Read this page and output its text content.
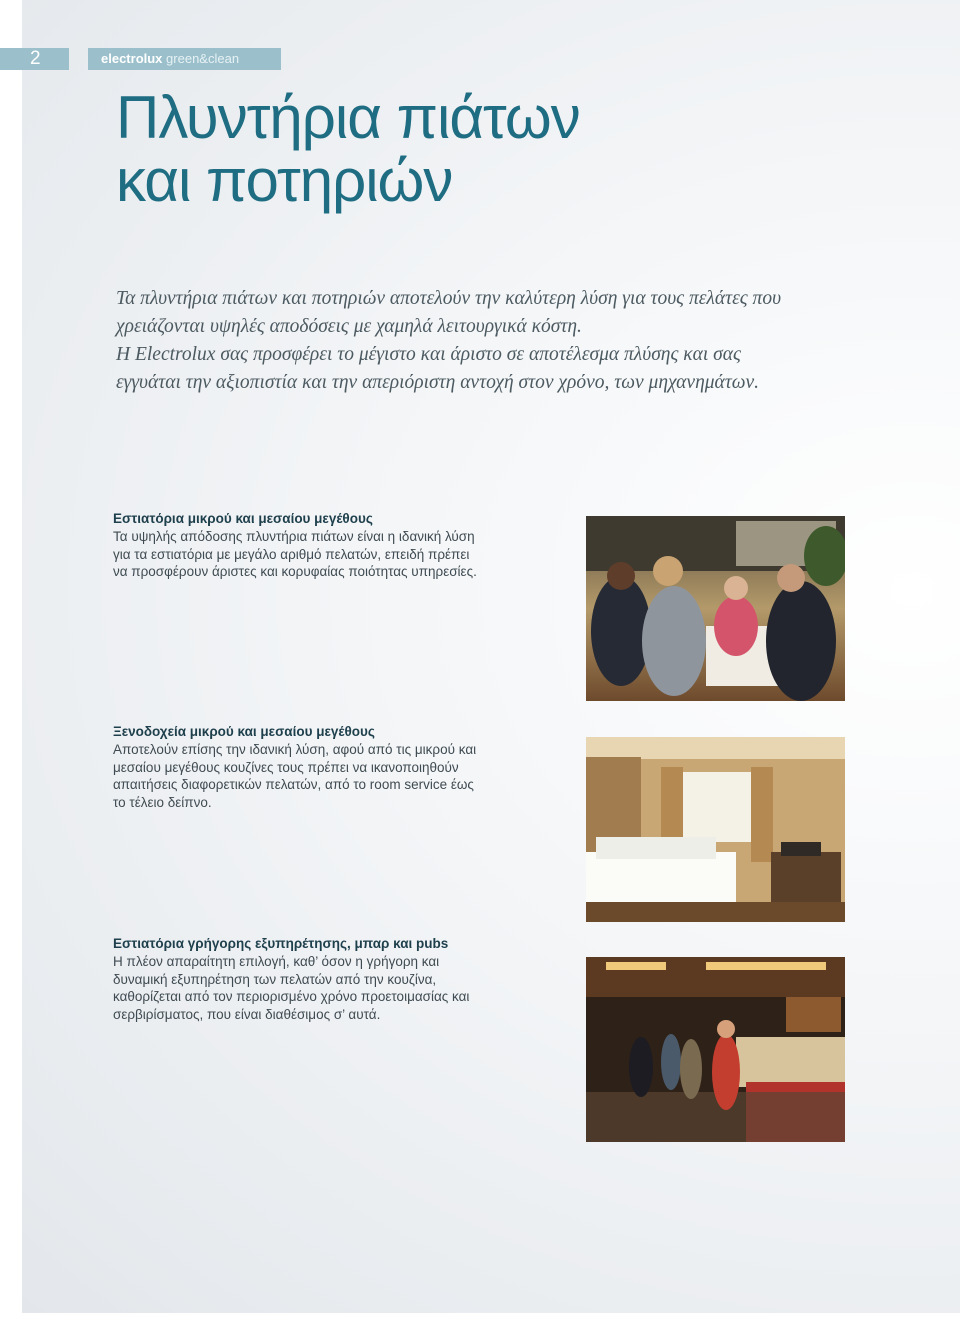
2	electrolux green&clean
Πλυντήρια πιάτων
και ποτηριών
Τα πλυντήρια πιάτων και ποτηριών αποτελούν την καλύτερη λύση για τους πελάτες που
χρειάζονται υψηλές αποδόσεις με χαμηλά λειτουργικά κόστη.
Η Electrolux σας προσφέρει το μέγιστο και άριστο σε αποτέλεσμα πλύσης και σας
εγγυάται την αξιοπιστία και την απεριόριστη αντοχή στον χρόνο, των μηχανημάτων.
Εστιατόρια μικρού και μεσαίου μεγέθους

Τα υψηλής απόδοσης πλυντήρια πιάτων είναι η ιδανική λύση
για τα εστιατόρια με μεγάλο αριθμό πελατών, επειδή πρέπει
να προσφέρουν άριστες και κορυφαίας ποιότητας υπηρεσίες.

Ξενοδοχεία μικρού και μεσαίου μεγέθους

Αποτελούν επίσης την ιδανική λύση, αφού από τις μικρού και
μεσαίου μεγέθους κουζίνες τους πρέπει να ικανοποιηθούν
απαιτήσεις διαφορετικών πελατών, από το room service έως
το τέλειο δείπνο.

Εστιατόρια γρήγορης εξυπηρέτησης, μπαρ και pubs

Η πλέον απαραίτητη επιλογή, καθ’ όσον η γρήγορη και
δυναμική εξυπηρέτηση των πελατών από την κουζίνα,
καθορίζεται από τον περιορισμένο χρόνο προετοιμασίας και
σερβιρίσματος, που είναι διαθέσιμος σ’ αυτά.
